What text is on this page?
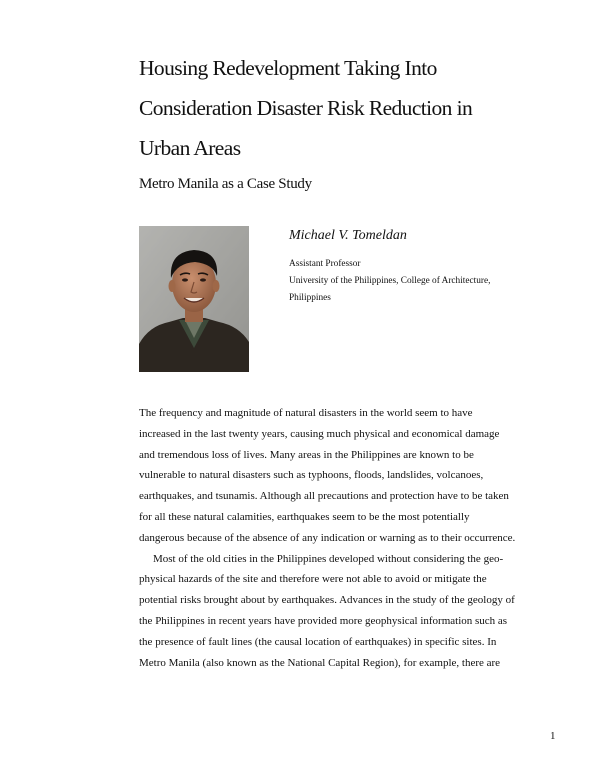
Housing Redevelopment Taking Into
Consideration Disaster Risk Reduction in
Urban Areas
Metro Manila as a Case Study

Michael V. Tomeldan

Assistant Professor

University of the Philippines, College of Architecture,

Philippines

The frequency and magnitude of natural disasters in the world seem to have
increased in the last twenty years, causing much physical and economical damage
and tremendous loss of lives. Many areas in the Philippines are known to be
vulnerable to natural disasters such as typhoons, floods, landslides, volcanoes,
earthquakes, and tsunamis. Although all precautions and protection have to be taken
for all these natural calamities, earthquakes seem to be the most potentially
dangerous because of the absence of any indication or warning as to their occurrence.

Most of the old cities in the Philippines developed without considering the geo-
physical hazards of the site and therefore were not able to avoid or mitigate the
potential risks brought about by earthquakes. Advances in the study of the geology of
the Philippines in recent years have provided more geophysical information such as
the presence of fault lines (the causal location of earthquakes) in specific sites. In
Metro Manila (also known as the National Capital Region), for example, there are

1
